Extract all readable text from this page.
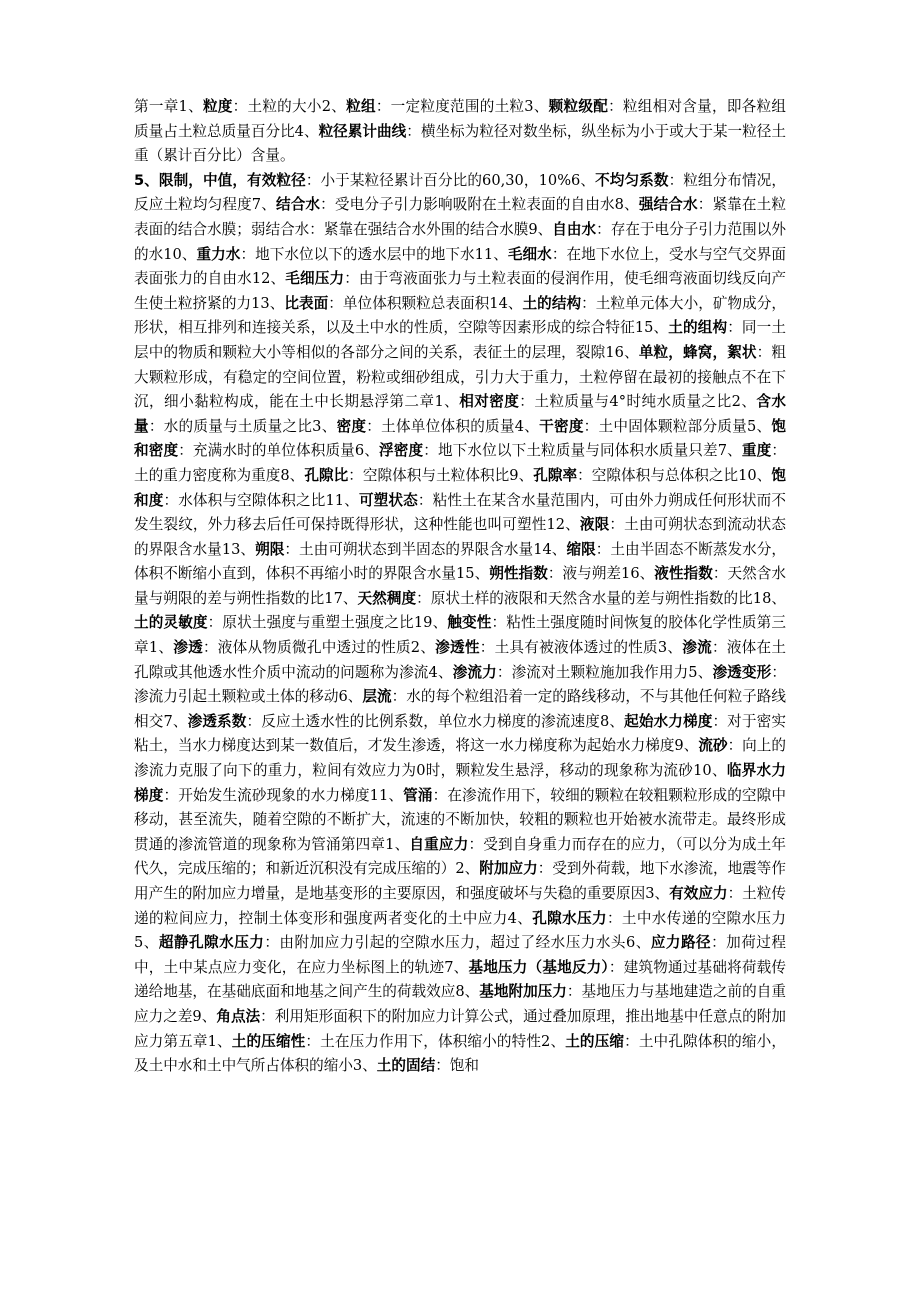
第一章1、粒度：土粒的大小2、粒组：一定粒度范围的土粒3、颗粒级配：粒组相对含量，即各粒组质量占土粒总质量百分比4、粒径累计曲线：横坐标为粒径对数坐标，纵坐标为小于或大于某一粒径土重（累计百分比）含量。

5、限制，中值，有效粒径：小于某粒径累计百分比的60,30，10%6、不均匀系数：粒组分布情况，反应土粒均匀程度7、结合水：受电分子引力影响吸附在土粒表面的自由水8、强结合水：紧靠在土粒表面的结合水膜；弱结合水：紧靠在强结合水外围的结合水膜9、自由水：存在于电分子引力范围以外的水10、重力水：地下水位以下的透水层中的地下水11、毛细水：在地下水位上，受水与空气交界面表面张力的自由水12、毛细压力：由于弯液面张力与土粒表面的侵润作用，使毛细弯液面切线反向产生使土粒挤紧的力13、比表面：单位体积颗粒总表面积14、土的结构：土粒单元体大小，矿物成分，形状，相互排列和连接关系，以及土中水的性质，空隙等因素形成的综合特征15、土的组构：同一土层中的物质和颗粒大小等相似的各部分之间的关系，表征土的层理，裂隙16、单粒，蜂窝，絮状：粗大颗粒形成，有稳定的空间位置，粉粒或细砂组成，引力大于重力，土粒停留在最初的接触点不在下沉，细小黏粒构成，能在土中长期悬浮第二章1、相对密度：土粒质量与4°时纯水质量之比2、含水量：水的质量与土质量之比3、密度：土体单位体积的质量4、干密度：土中固体颗粒部分质量5、饱和密度：充满水时的单位体积质量6、浮密度：地下水位以下土粒质量与同体积水质量只差7、重度：土的重力密度称为重度8、孔隙比：空隙体积与土粒体积比9、孔隙率：空隙体积与总体积之比10、饱和度：水体积与空隙体积之比11、可塑状态：粘性土在某含水量范围内，可由外力朔成任何形状而不发生裂纹，外力移去后任可保持既得形状，这种性能也叫可塑性12、液限：土由可朔状态到流动状态的界限含水量13、朔限：土由可朔状态到半固态的界限含水量14、缩限：土由半固态不断蒸发水分，体积不断缩小直到，体积不再缩小时的界限含水量15、朔性指数：液与朔差16、液性指数：天然含水量与朔限的差与朔性指数的比17、天然稠度：原状土样的液限和天然含水量的差与朔性指数的比18、土的灵敏度：原状土强度与重塑土强度之比19、触变性：粘性土强度随时间恢复的胶体化学性质第三章1、渗透：液体从物质微孔中透过的性质2、渗透性：土具有被液体透过的性质3、渗流：液体在土孔隙或其他透水性介质中流动的问题称为渗流4、渗流力：渗流对土颗粒施加我作用力5、渗透变形：渗流力引起土颗粒或土体的移动6、层流：水的每个粒组沿着一定的路线移动，不与其他任何粒子路线相交7、渗透系数：反应土透水性的比例系数，单位水力梯度的渗流速度8、起始水力梯度：对于密实粘土，当水力梯度达到某一数值后，才发生渗透，将这一水力梯度称为起始水力梯度9、流砂：向上的渗流力克服了向下的重力，粒间有效应力为0时，颗粒发生悬浮，移动的现象称为流砂10、临界水力梯度：开始发生流砂现象的水力梯度11、管涌：在渗流作用下，较细的颗粒在较粗颗粒形成的空隙中移动，甚至流失，随着空隙的不断扩大，流速的不断加快，较粗的颗粒也开始被水流带走。最终形成贯通的渗流管道的现象称为管涌第四章1、自重应力：受到自身重力而存在的应力，（可以分为成土年代久，完成压缩的；和新近沉积没有完成压缩的）2、附加应力：受到外荷载，地下水渗流，地震等作用产生的附加应力增量，是地基变形的主要原因，和强度破坏与失稳的重要原因3、有效应力：土粒传递的粒间应力，控制土体变形和强度两者变化的土中应力4、孔隙水压力：土中水传递的空隙水压力5、超静孔隙水压力：由附加应力引起的空隙水压力，超过了经水压力水头6、应力路径：加荷过程中，土中某点应力变化，在应力坐标图上的轨迹7、基地压力（基地反力）：建筑物通过基础将荷载传递给地基，在基础底面和地基之间产生的荷载效应8、基地附加压力：基地压力与基地建造之前的自重应力之差9、角点法：利用矩形面积下的附加应力计算公式，通过叠加原理，推出地基中任意点的附加应力第五章1、土的压缩性：土在压力作用下，体积缩小的特性2、土的压缩：土中孔隙体积的缩小，及土中水和土中气所占体积的缩小3、土的固结：饱和
